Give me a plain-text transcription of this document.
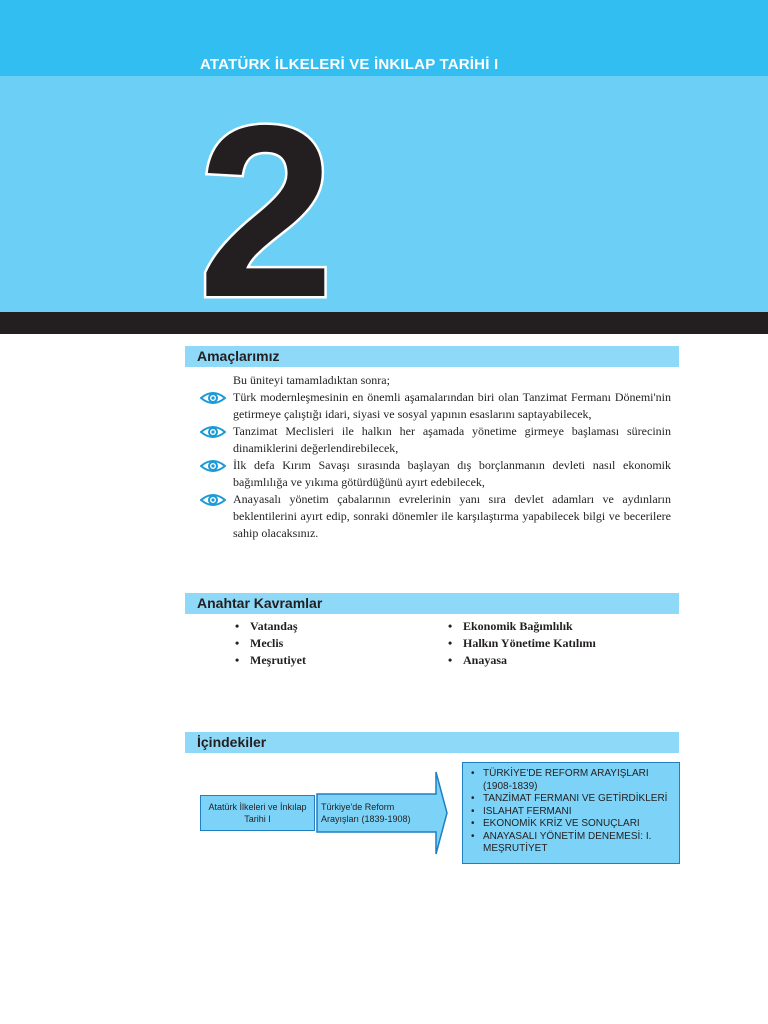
ATATÜRK İLKELERİ VE İNKILAP TARİHİ I
2
Amaçlarımız

Bu üniteyi tamamladıktan sonra;

Türk modernleşmesinin en önemli aşamalarından biri olan Tanzimat Fermanı Dönemi'nin getirmeye çalıştığı idari, siyasi ve sosyal yapının esaslarını saptayabilecek,

Tanzimat Meclisleri ile halkın her aşamada yönetime girmeye başlaması sürecinin dinamiklerini değerlendirebilecek,

İlk defa Kırım Savaşı sırasında başlayan dış borçlanmanın devleti nasıl ekonomik bağımlılığa ve yıkıma götürdüğünü ayırt edebilecek,

Anayasalı yönetim çabalarının evrelerinin yanı sıra devlet adamları ve aydınların beklentilerini ayırt edip, sonraki dönemler ile karşılaştırma yapabilecek bilgi ve becerilere sahip olacaksınız.

Anahtar Kavramlar
• Vatandaş
• Meclis
• Meşrutiyet
• Ekonomik Bağımlılık
• Halkın Yönetime Katılımı
• Anayasa
İçindekiler
Atatürk İlkeleri ve İnkılap Tarihi I
Türkiye'de Reform Arayışları (1839-1908)
• TÜRKİYE'DE REFORM ARAYIŞLARI (1908-1839)
• TANZİMAT FERMANI VE GETİRDİKLERİ
• ISLAHAT FERMANI
• EKONOMİK KRİZ VE SONUÇLARI
• ANAYASALI YÖNETİM DENEMESİ: I. MEŞRUTİYET
